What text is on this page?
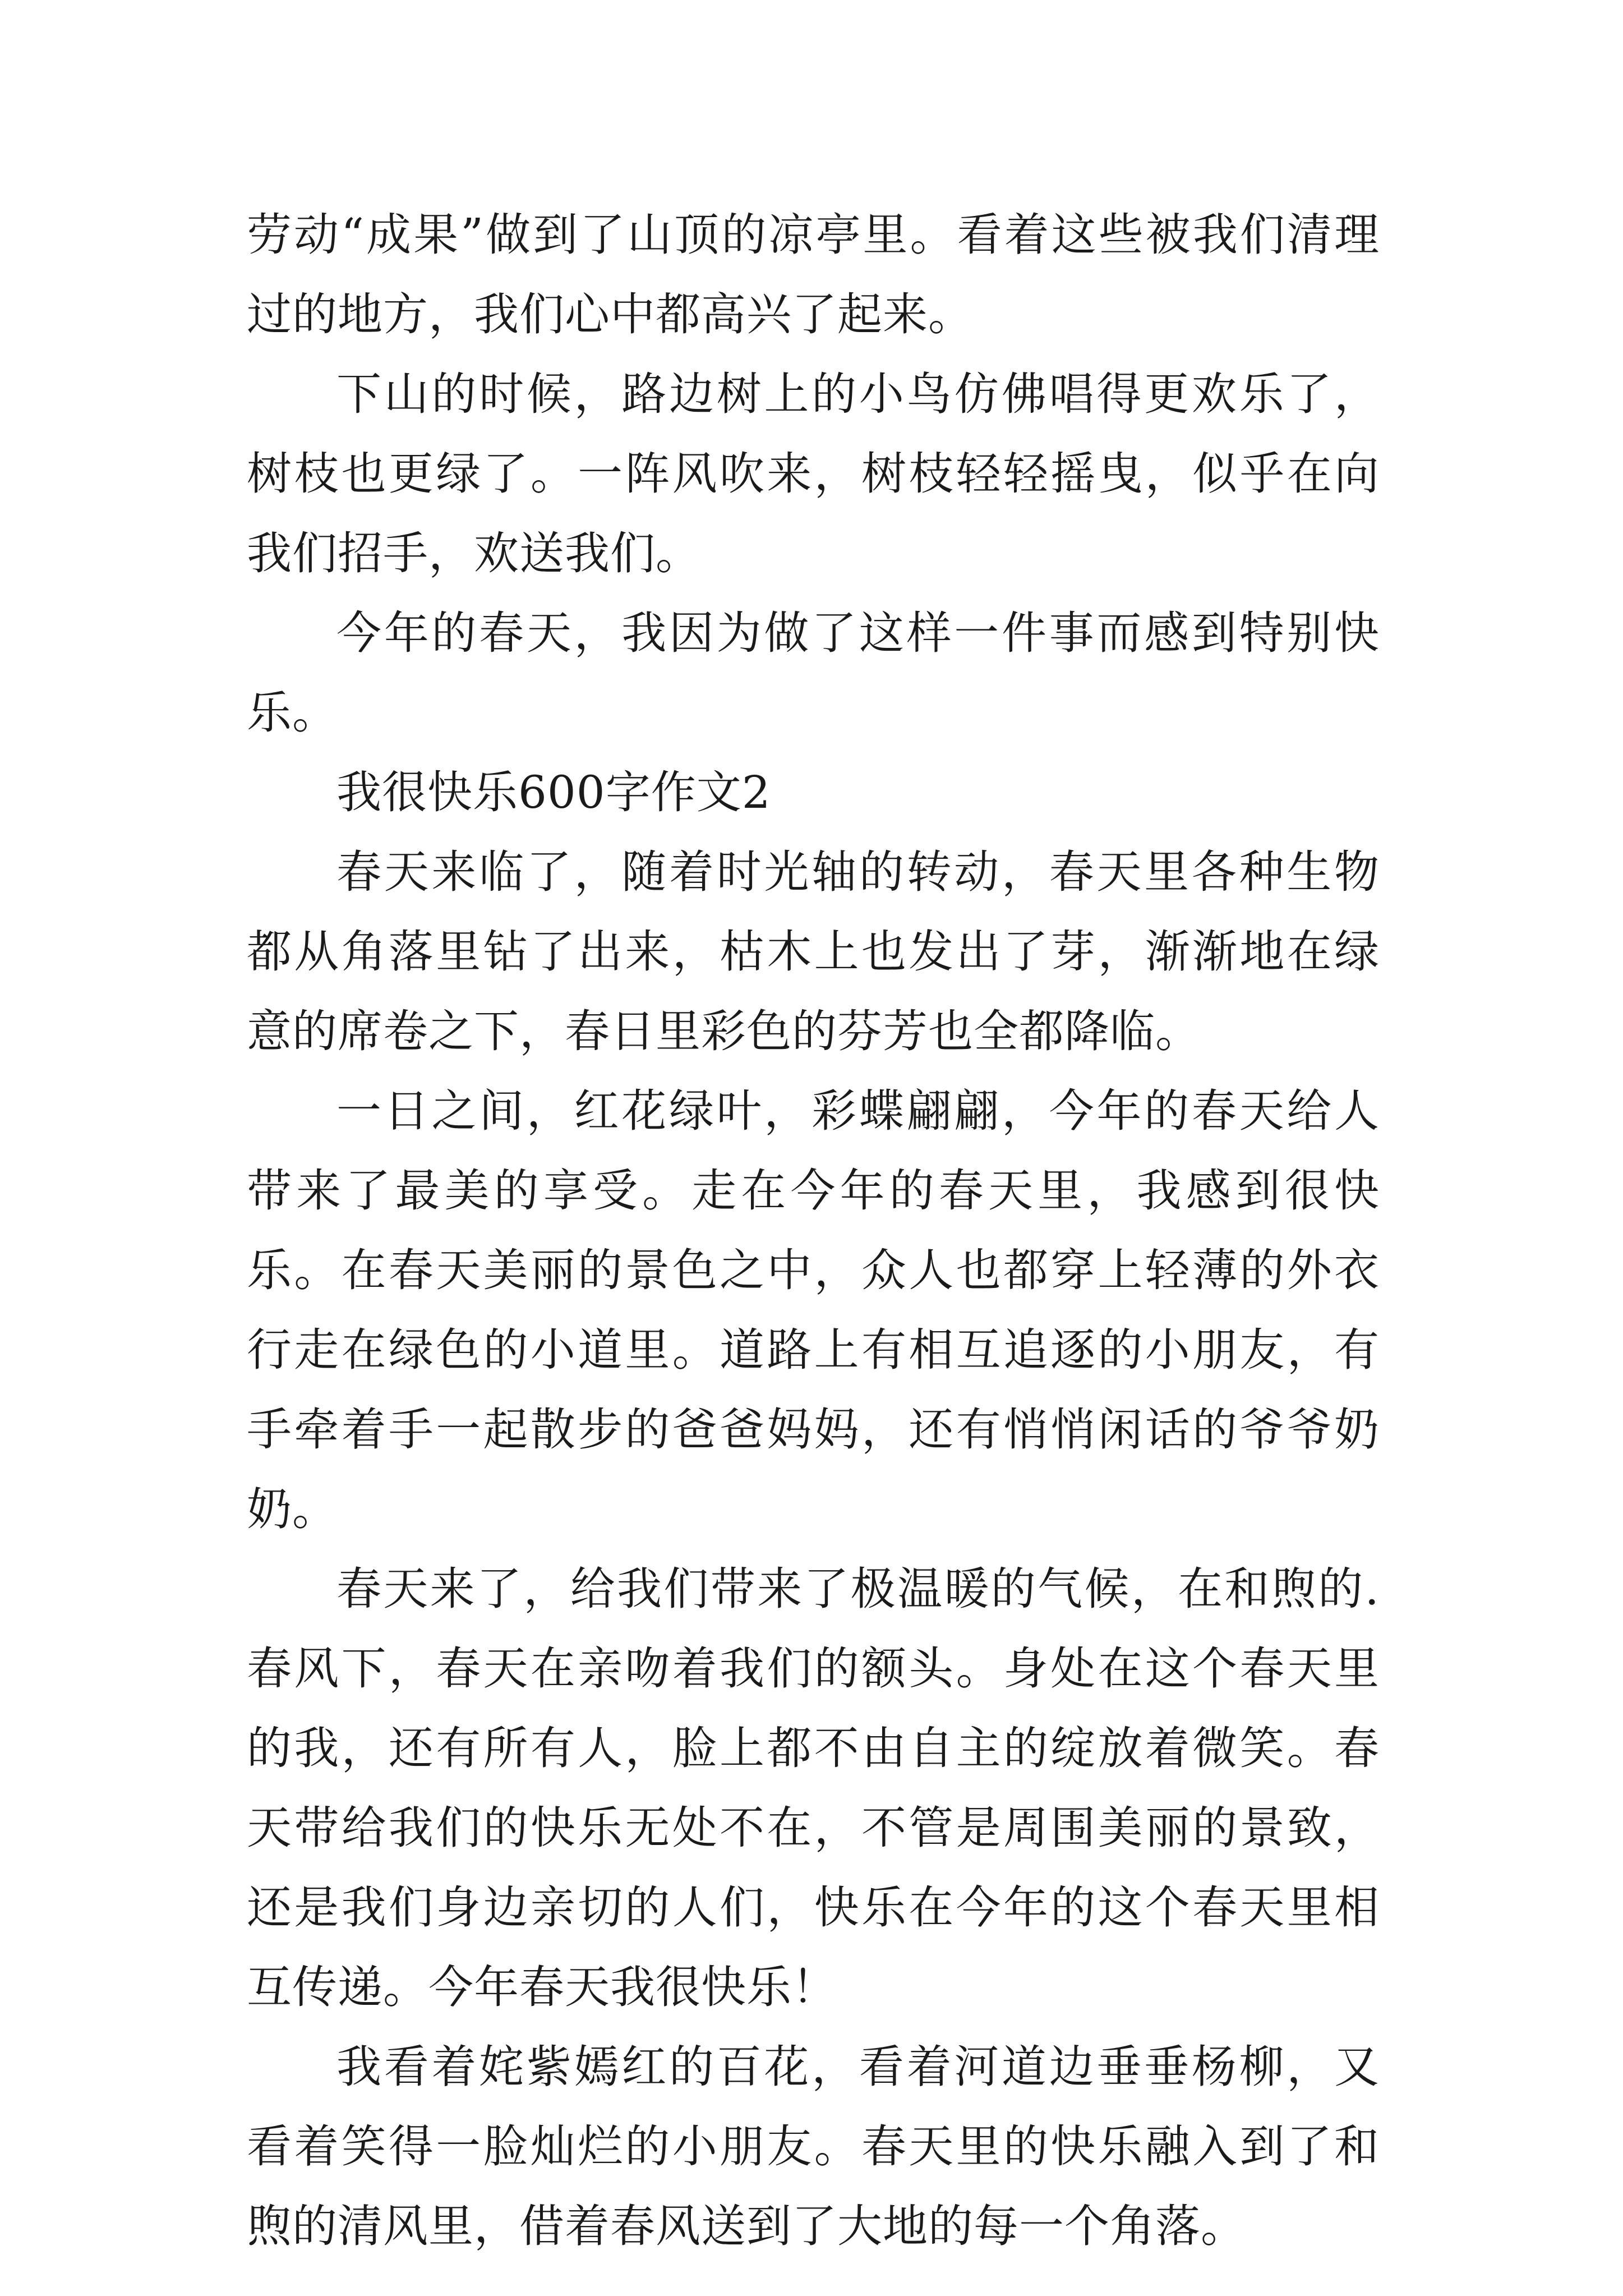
劳动“成果”做到了山顶的凉亭里。看着这些被我们清理过的地方，我们心中都高兴了起来。

下山的时候，路边树上的小鸟仿佛唱得更欢乐了，树枝也更绿了。一阵风吹来，树枝轻轻摇曳，似乎在向我们招手，欢送我们。

今年的春天，我因为做了这样一件事而感到特别快乐。

我很快乐600字作文2

春天来临了，随着时光轴的转动，春天里各种生物都从角落里钻了出来，枯木上也发出了芽，渐渐地在绿意的席卷之下，春日里彩色的芬芳也全都降临。

一日之间，红花绿叶，彩蝶翩翩，今年的春天给人带来了最美的享受。走在今年的春天里，我感到很快乐。在春天美丽的景色之中，众人也都穿上轻薄的外衣行走在绿色的小道里。道路上有相互追逐的小朋友，有手牵着手一起散步的爸爸妈妈，还有悄悄闲话的爷爷奶奶。

春天来了，给我们带来了极温暖的气候，在和煦的.春风下，春天在亲吻着我们的额头。身处在这个春天里的我，还有所有人，脸上都不由自主的绽放着微笑。春天带给我们的快乐无处不在，不管是周围美丽的景致，还是我们身边亲切的人们，快乐在今年的这个春天里相互传递。今年春天我很快乐！

我看着姹紫嫣红的百花，看着河道边垂垂杨柳，又看着笑得一脸灿烂的小朋友。春天里的快乐融入到了和煦的清风里，借着春风送到了大地的每一个角落。
